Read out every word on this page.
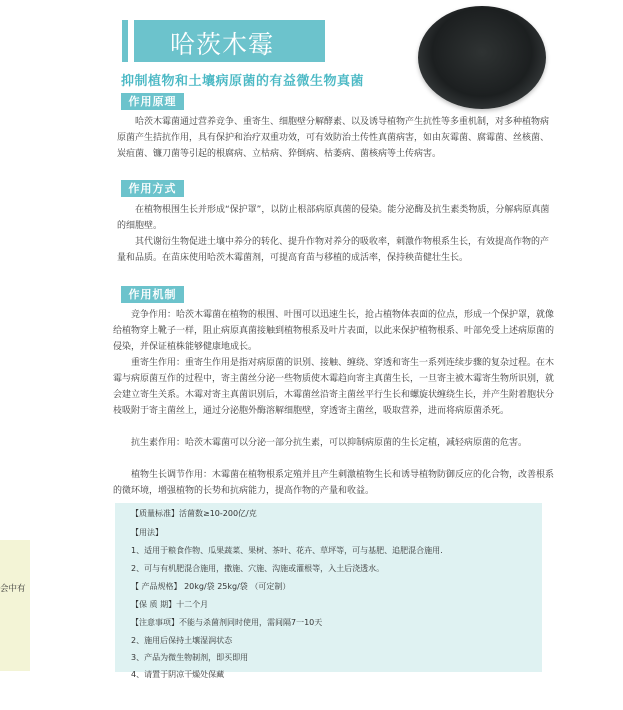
会中有
哈茨木霉
抑制植物和土壤病原菌的有益微生物真菌
作用原理

哈茨木霉菌通过营养竞争、重寄生、细胞壁分解酵素、以及诱导植物产生抗性等多重机制，对多种植物病原菌产生拮抗作用，具有保护和治疗双重功效，可有效防治土传性真菌病害，如由灰霉菌、腐霉菌、丝核菌、炭疽菌、镰刀菌等引起的根腐病、立枯病、猝倒病、枯萎病、菌核病等土传病害。

作用方式

在植物根围生长并形成“保护罩”，以防止根部病原真菌的侵染。能分泌酶及抗生素类物质，分解病原真菌的细胞壁。

其代谢衍生物促进土壤中养分的转化、提升作物对养分的吸收率，刺激作物根系生长，有效提高作物的产量和品质。在苗床使用哈茨木霉菌剂，可提高育苗与移植的成活率，保持秧苗健壮生长。

作用机制

竞争作用：哈茨木霉菌在植物的根围、叶围可以迅速生长，抢占植物体表面的位点，形成一个保护罩，就像给植物穿上靴子一样，阻止病原真菌接触到植物根系及叶片表面，以此来保护植物根系、叶部免受上述病原菌的侵染，并保证植株能够健康地成长。

重寄生作用：重寄生作用是指对病原菌的识别、接触、缠绕、穿透和寄生一系列连续步骤的复杂过程。在木霉与病原菌互作的过程中，寄主菌丝分泌一些物质使木霉趋向寄主真菌生长，一旦寄主被木霉寄生物所识别，就会建立寄生关系。木霉对寄主真菌识别后，木霉菌丝沿寄主菌丝平行生长和螺旋状缠绕生长，并产生附着胞状分枝吸附于寄主菌丝上，通过分泌胞外酶溶解细胞壁，穿透寄主菌丝，吸取营养，进而将病原菌杀死。

抗生素作用：哈茨木霉菌可以分泌一部分抗生素，可以抑制病原菌的生长定植，减轻病原菌的危害。

植物生长调节作用：木霉菌在植物根系定殖并且产生刺激植物生长和诱导植物防御反应的化合物，改善根系的微环境，增强植物的长势和抗病能力，提高作物的产量和收益。

【质量标准】活菌数≥10-200亿/克
【用法】
1、适用于粮食作物、瓜果蔬菜、果树、茶叶、花卉、草坪等，可与基肥、追肥混合施用.
2、可与有机肥混合施用，撒施、穴施、沟施或灌根等，入土后浇透水。
【 产品规格】 20kg/袋 25kg/袋 （可定制）
【保 质 期】十二个月
【注意事项】不能与杀菌剂同时使用，需间隔7一10天
2、施用后保持土壤湿润状态
3、产品为微生物制剂，即买即用
4、请置于阴凉干燥处保藏
